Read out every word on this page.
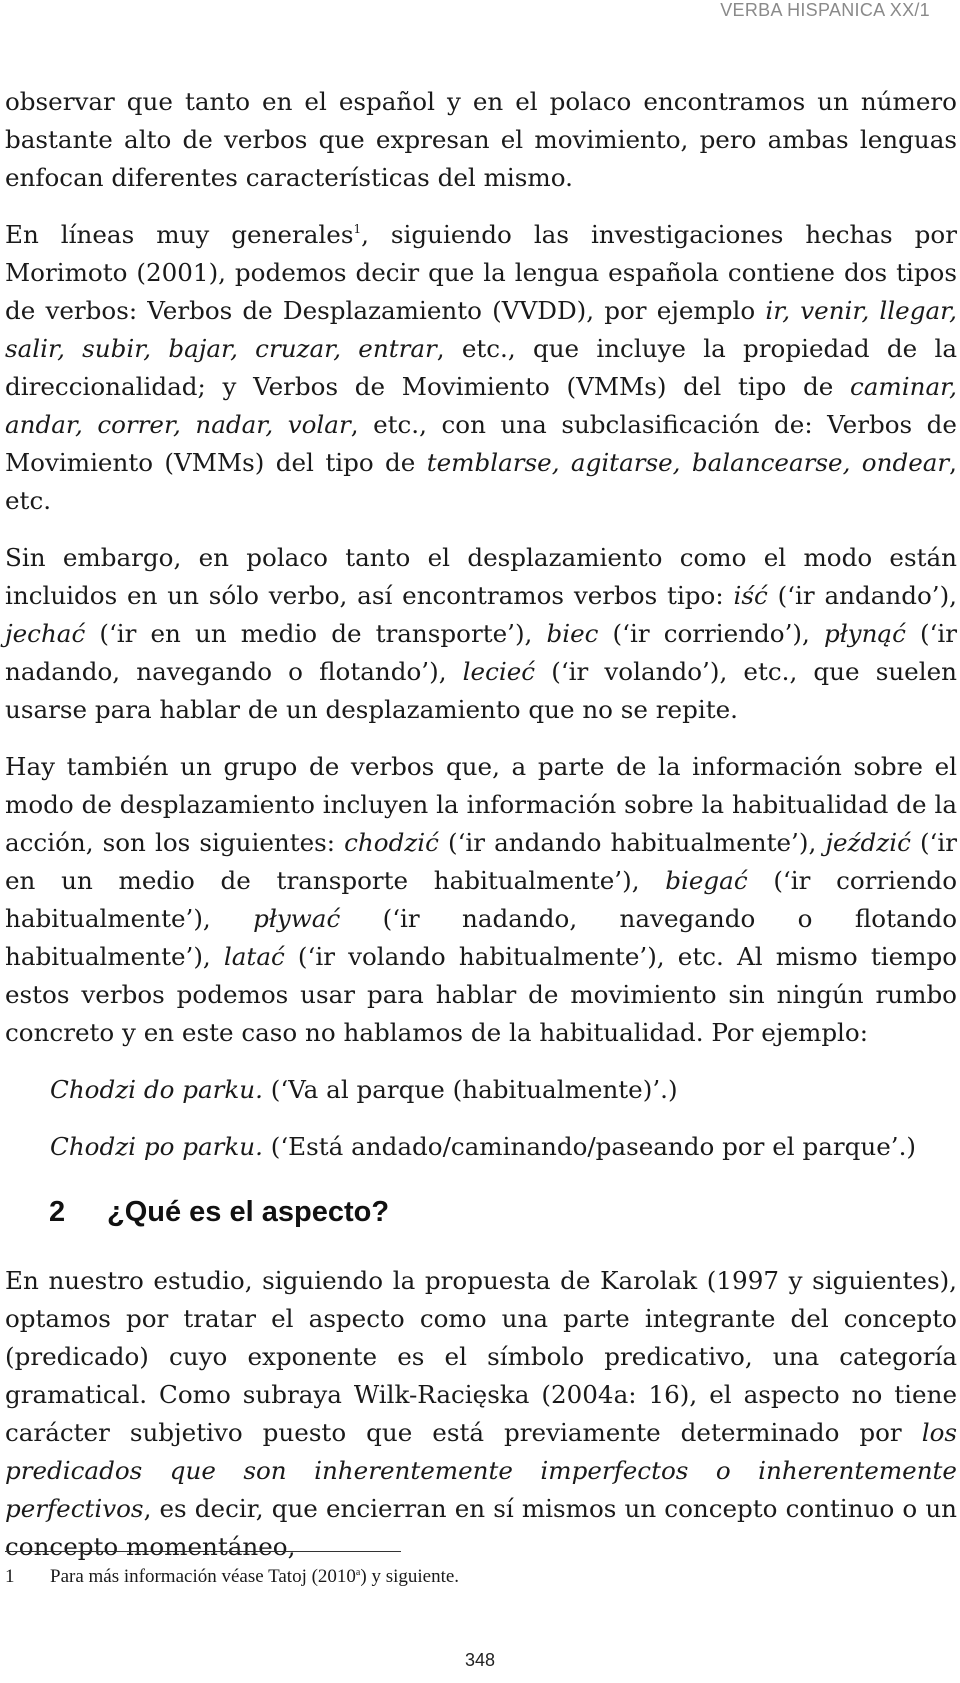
VERBA HISPANICA XX/1

observar que tanto en el español y en el polaco encontramos un número bastante alto de verbos que expresan el movimiento, pero ambas lenguas enfocan diferentes características del mismo.

En líneas muy generales$^1$, siguiendo las investigaciones hechas por Morimoto (2001), podemos decir que la lengua española contiene dos tipos de verbos: Verbos de Desplazamiento (VVDD), por ejemplo ir, venir, llegar, salir, subir, bajar, cruzar, entrar, etc., que incluye la propiedad de la direccionalidad; y Verbos de Movimiento (VMMs) del tipo de caminar, andar, correr, nadar, volar, etc., con una subclasificación de: Verbos de Movimiento (VMMs) del tipo de temblarse, agitarse, balancearse, ondear, etc.

Sin embargo, en polaco tanto el desplazamiento como el modo están incluidos en un sólo verbo, así encontramos verbos tipo: iść (‘ir andando’), jechać (‘ir en un medio de transporte’), biec (‘ir corriendo’), płynąć (‘ir nadando, navegando o flotando’), lecieć (‘ir volando’), etc., que suelen usarse para hablar de un desplazamiento que no se repite.

Hay también un grupo de verbos que, a parte de la información sobre el modo de desplazamiento incluyen la información sobre la habitualidad de la acción, son los siguientes: chodzić (‘ir andando habitualmente’), jeździć (‘ir en un medio de transporte habitualmente’), biegać (‘ir corriendo habitualmente’), pływać (‘ir nadando, navegando o flotando habitualmente’), latać (‘ir volando habitualmente’), etc. Al mismo tiempo estos verbos podemos usar para hablar de movimiento sin ningún rumbo concreto y en este caso no hablamos de la habitualidad. Por ejemplo:

Chodzi do parku. (‘Va al parque (habitualmente)’.)
Chodzi po parku. (‘Está andado/caminando/paseando por el parque’.)
2 ¿Qué es el aspecto?

En nuestro estudio, siguiendo la propuesta de Karolak (1997 y siguientes), optamos por tratar el aspecto como una parte integrante del concepto (predicado) cuyo exponente es el símbolo predicativo, una categoría gramatical. Como subraya Wilk-Racięska (2004a: 16), el aspecto no tiene carácter subjetivo puesto que está previamente determinado por los predicados que son inherentemente imperfectos o inherentemente perfectivos, es decir, que encierran en sí mismos un concepto continuo o un concepto momentáneo,

1 Para más información véase Tatoj (2010$^a$) y siguiente.
348
